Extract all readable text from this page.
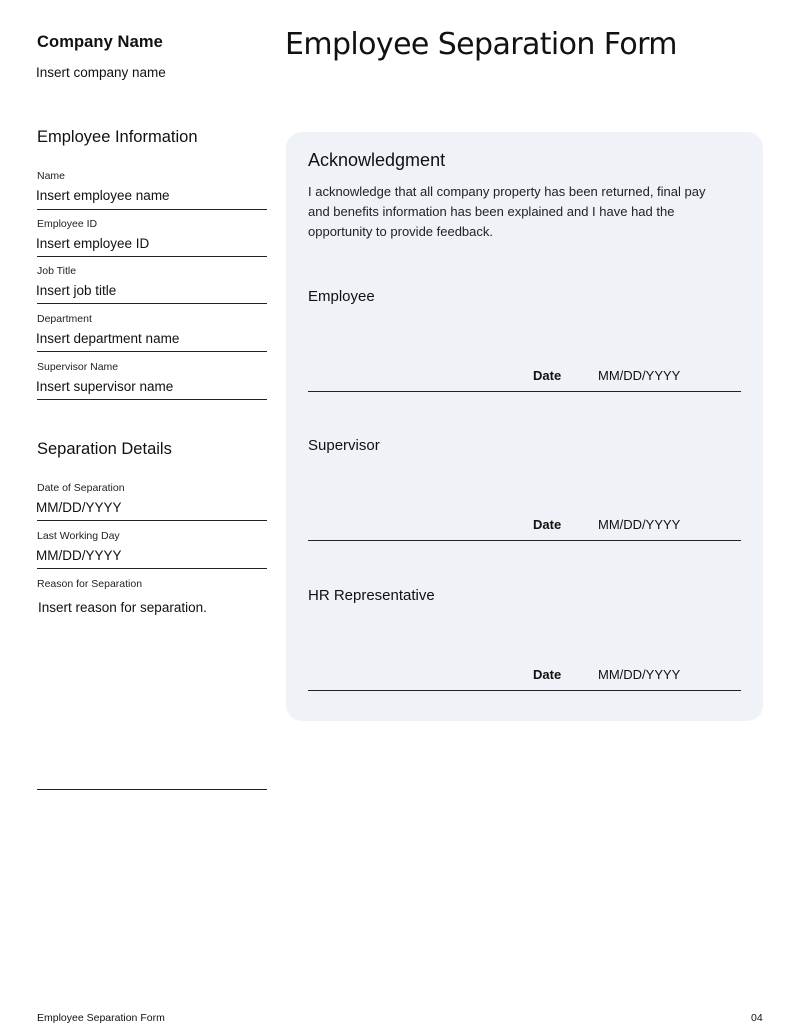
Company Name
Insert company name
Employee Separation Form
Employee Information
Name
Insert employee name
Employee ID
Insert employee ID
Job Title
Insert job title
Department
Insert department name
Supervisor Name
Insert supervisor name
Separation Details
Date of Separation
MM/DD/YYYY
Last Working Day
MM/DD/YYYY
Reason for Separation
Insert reason for separation.
Acknowledgment

I acknowledge that all company property has been returned, final pay and benefits information has been explained and I have had the opportunity to provide feedback.

Employee
Date	MM/DD/YYYY
Supervisor
Date	MM/DD/YYYY
HR Representative
Date	MM/DD/YYYY
Employee Separation Form	04
